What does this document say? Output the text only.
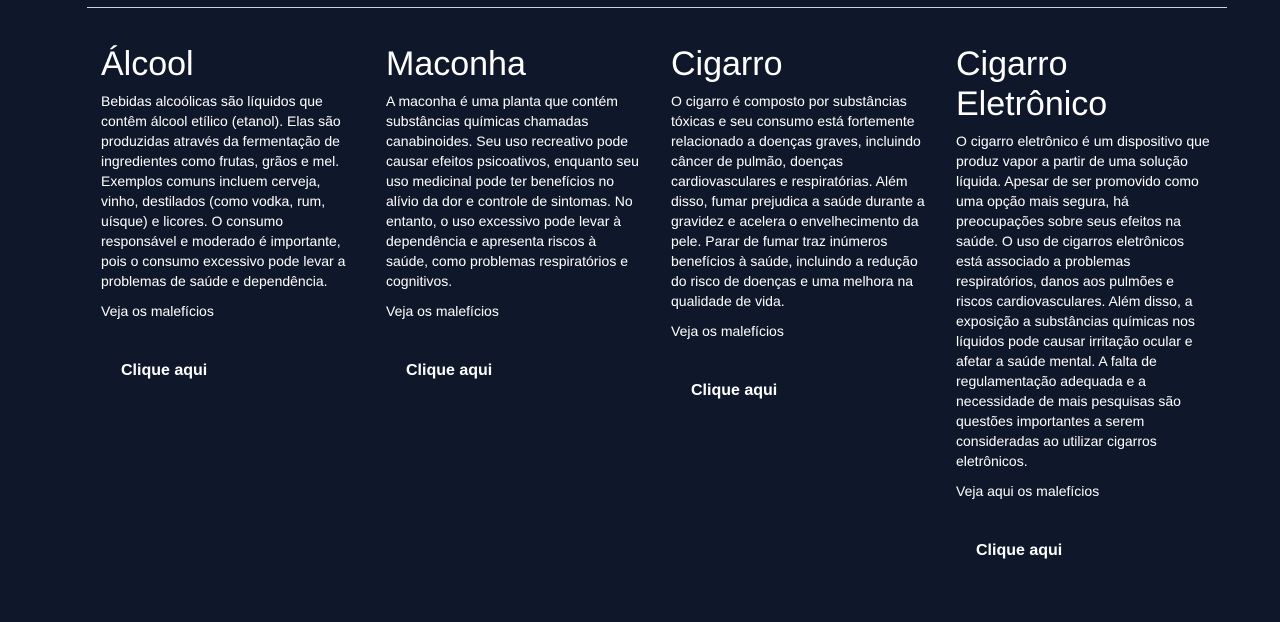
Álcool

Bebidas alcoólicas são líquidos que contêm álcool etílico (etanol). Elas são produzidas através da fermentação de ingredientes como frutas, grãos e mel. Exemplos comuns incluem cerveja, vinho, destilados (como vodka, rum, uísque) e licores. O consumo responsável e moderado é importante, pois o consumo excessivo pode levar a problemas de saúde e dependência.

Veja os malefícios

Clique aqui
Maconha

A maconha é uma planta que contém substâncias químicas chamadas canabinoides. Seu uso recreativo pode causar efeitos psicoativos, enquanto seu uso medicinal pode ter benefícios no alívio da dor e controle de sintomas. No entanto, o uso excessivo pode levar à dependência e apresenta riscos à saúde, como problemas respiratórios e cognitivos.

Veja os malefícios

Clique aqui
Cigarro

O cigarro é composto por substâncias tóxicas e seu consumo está fortemente relacionado a doenças graves, incluindo câncer de pulmão, doenças cardiovasculares e respiratórias. Além disso, fumar prejudica a saúde durante a gravidez e acelera o envelhecimento da pele. Parar de fumar traz inúmeros benefícios à saúde, incluindo a redução do risco de doenças e uma melhora na qualidade de vida.

Veja os malefícios

Clique aqui
Cigarro Eletrônico

O cigarro eletrônico é um dispositivo que produz vapor a partir de uma solução líquida. Apesar de ser promovido como uma opção mais segura, há preocupações sobre seus efeitos na saúde. O uso de cigarros eletrônicos está associado a problemas respiratórios, danos aos pulmões e riscos cardiovasculares. Além disso, a exposição a substâncias químicas nos líquidos pode causar irritação ocular e afetar a saúde mental. A falta de regulamentação adequada e a necessidade de mais pesquisas são questões importantes a serem consideradas ao utilizar cigarros eletrônicos.

Veja aqui os malefícios

Clique aqui
